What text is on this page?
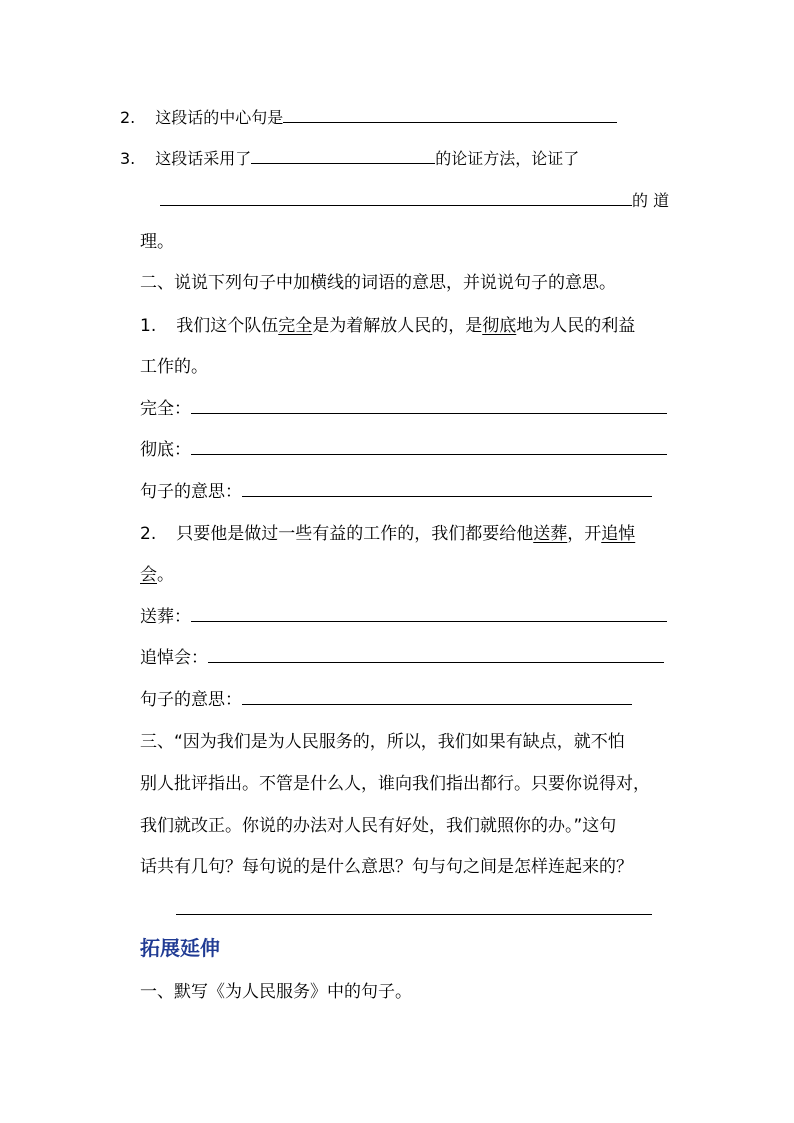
2. 这段话的中心句是
3. 这段话采用了	的论证方法，论证了
的 道
理。
二、说说下列句子中加横线的词语的意思，并说说句子的意思。
1. 我们这个队伍完全是为着解放人民的，是彻底地为人民的利益
工作的。
完全：
彻底：
句子的意思：
2. 只要他是做过一些有益的工作的，我们都要给他送葬，开追悼
会。
送葬：
追悼会：
句子的意思：
三、“因为我们是为人民服务的，所以，我们如果有缺点，就不怕
别人批评指出。不管是什么人，谁向我们指出都行。只要你说得对，
我们就改正。你说的办法对人民有好处，我们就照你的办。”这句
话共有几句？每句说的是什么意思？句与句之间是怎样连起来的？
拓展延伸
一、默写《为人民服务》中的句子。
